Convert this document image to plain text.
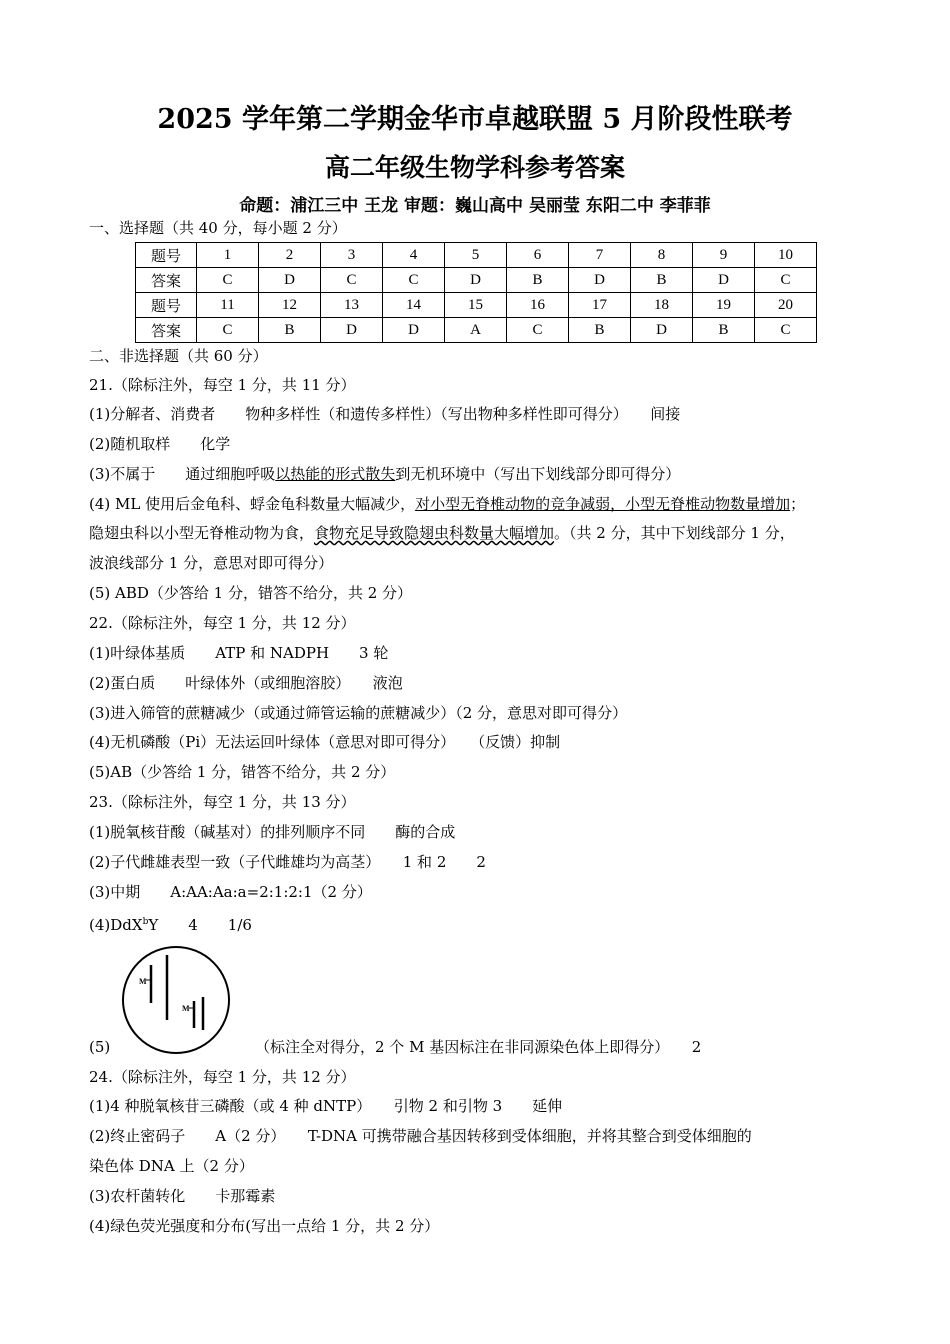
2025 学年第二学期金华市卓越联盟 5 月阶段性联考
高二年级生物学科参考答案
命题：浦江三中 王龙 审题：巍山高中 吴丽莹 东阳二中 李菲菲
一、选择题（共 40 分，每小题 2 分）
题号	1	2	3	4	5	6	7	8	9	10
答案	C	D	C	C	D	B	D	B	D	C
题号	11	12	13	14	15	16	17	18	19	20
答案	C	B	D	D	A	C	B	D	B	C
二、非选择题（共 60 分）
21.（除标注外，每空 1 分，共 11 分）
(1)分解者、消费者　　物种多样性（和遗传多样性）（写出物种多样性即可得分）　　间接
(2)随机取样　　化学
(3)不属于　　通过细胞呼吸以热能的形式散失到无机环境中（写出下划线部分即可得分）
(4) ML 使用后金龟科、蜉金龟科数量大幅减少，对小型无脊椎动物的竞争减弱，小型无脊椎动物数量增加；
隐翅虫科以小型无脊椎动物为食，食物充足导致隐翅虫科数量大幅增加。（共 2 分，其中下划线部分 1 分，
波浪线部分 1 分，意思对即可得分）
(5) ABD（少答给 1 分，错答不给分，共 2 分）
22.（除标注外，每空 1 分，共 12 分）
(1)叶绿体基质　　ATP 和 NADPH　　3 轮
(2)蛋白质　　叶绿体外（或细胞溶胶）　　液泡
(3)进入筛管的蔗糖减少（或通过筛管运输的蔗糖减少）（2 分，意思对即可得分）
(4)无机磷酸（Pi）无法运回叶绿体（意思对即可得分）　　（反馈）抑制
(5)AB（少答给 1 分，错答不给分，共 2 分）
23.（除标注外，每空 1 分，共 13 分）
(1)脱氧核苷酸（碱基对）的排列顺序不同　　酶的合成
(2)子代雌雄表型一致（子代雌雄均为高茎）　　1 和 2　　2
(3)中期　　A:AA:Aa:a=2:1:2:1（2 分）
(4)DdX$^b$Y　　4　　1/6
M
M
(5)	（标注全对得分，2 个 M 基因标注在非同源染色体上即得分）　　2
24.（除标注外，每空 1 分，共 12 分）
(1)4 种脱氧核苷三磷酸（或 4 种 dNTP）　　引物 2 和引物 3　　延伸
(2)终止密码子　　A（2 分）　　T-DNA 可携带融合基因转移到受体细胞，并将其整合到受体细胞的
染色体 DNA 上（2 分）
(3)农杆菌转化　　卡那霉素
(4)绿色荧光强度和分布(写出一点给 1 分，共 2 分）
